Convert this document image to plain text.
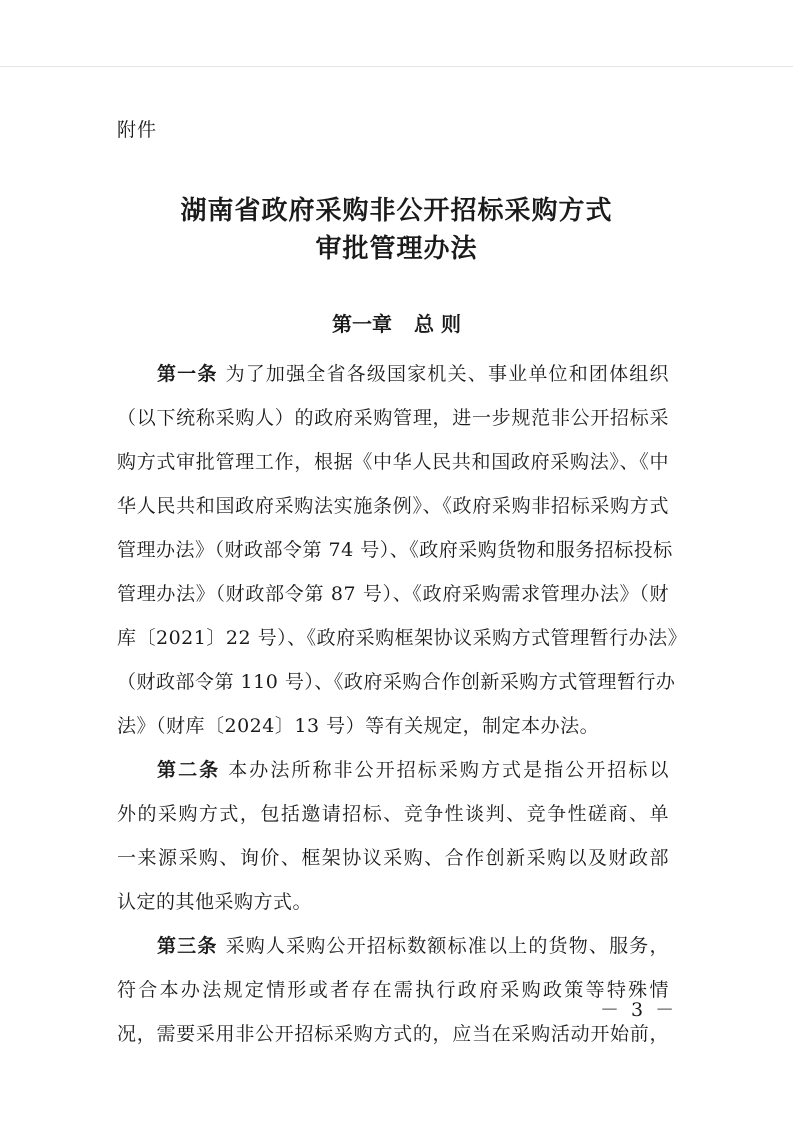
附件
湖南省政府采购非公开招标采购方式
审批管理办法
第一章 总 则
第一条 为了加强全省各级国家机关、事业单位和团体组织
（以下统称采购人）的政府采购管理，进一步规范非公开招标采
购方式审批管理工作，根据《中华人民共和国政府采购法》、《中
华人民共和国政府采购法实施条例》、《政府采购非招标采购方式
管理办法》（财政部令第 74 号）、《政府采购货物和服务招标投标
管理办法》（财政部令第 87 号）、《政府采购需求管理办法》（财
库〔2021〕22 号）、《政府采购框架协议采购方式管理暂行办法》
（财政部令第 110 号）、《政府采购合作创新采购方式管理暂行办
法》（财库〔2024〕13 号）等有关规定，制定本办法。
第二条 本办法所称非公开招标采购方式是指公开招标以
外的采购方式，包括邀请招标、竞争性谈判、竞争性磋商、单
一来源采购、询价、框架协议采购、合作创新采购以及财政部
认定的其他采购方式。
第三条 采购人采购公开招标数额标准以上的货物、服务，
符合本办法规定情形或者存在需执行政府采购政策等特殊情
况，需要采用非公开招标采购方式的，应当在采购活动开始前，
－ 3 －
